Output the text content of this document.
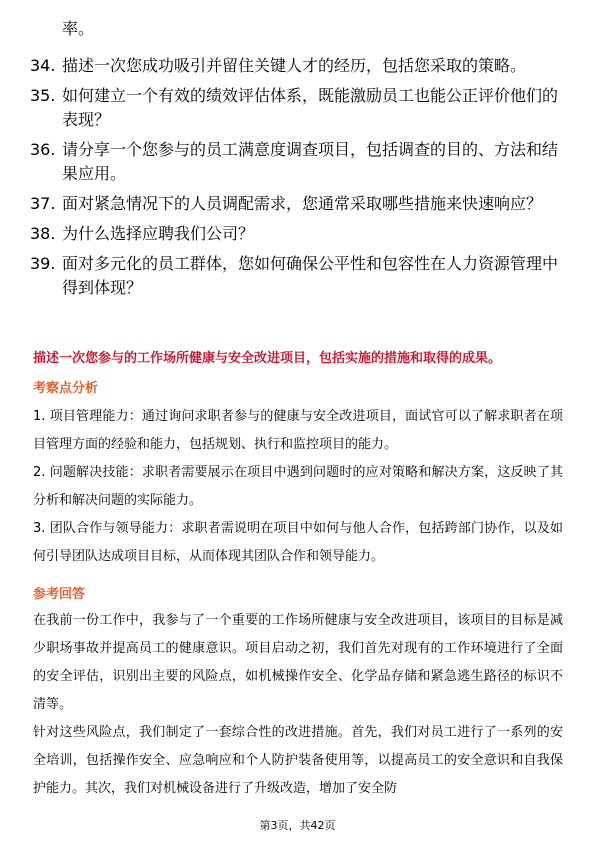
率。
34. 描述一次您成功吸引并留住关键人才的经历，包括您采取的策略。
35. 如何建立一个有效的绩效评估体系，既能激励员工也能公正评价他们的表现？
36. 请分享一个您参与的员工满意度调查项目，包括调查的目的、方法和结果应用。
37. 面对紧急情况下的人员调配需求，您通常采取哪些措施来快速响应？
38. 为什么选择应聘我们公司？
39. 面对多元化的员工群体，您如何确保公平性和包容性在人力资源管理中得到体现？
描述一次您参与的工作场所健康与安全改进项目，包括实施的措施和取得的成果。
考察点分析
1. 项目管理能力：通过询问求职者参与的健康与安全改进项目，面试官可以了解求职者在项目管理方面的经验和能力，包括规划、执行和监控项目的能力。
2. 问题解决技能：求职者需要展示在项目中遇到问题时的应对策略和解决方案，这反映了其分析和解决问题的实际能力。
3. 团队合作与领导能力：求职者需说明在项目中如何与他人合作，包括跨部门协作，以及如何引导团队达成项目目标，从而体现其团队合作和领导能力。
参考回答
在我前一份工作中，我参与了一个重要的工作场所健康与安全改进项目，该项目的目标是减少职场事故并提高员工的健康意识。项目启动之初，我们首先对现有的工作环境进行了全面的安全评估，识别出主要的风险点，如机械操作安全、化学品存储和紧急逃生路径的标识不清等。
针对这些风险点，我们制定了一套综合性的改进措施。首先，我们对员工进行了一系列的安全培训，包括操作安全、应急响应和个人防护装备使用等，以提高员工的安全意识和自我保护能力。其次，我们对机械设备进行了升级改造，增加了安全防
第3页，共42页
